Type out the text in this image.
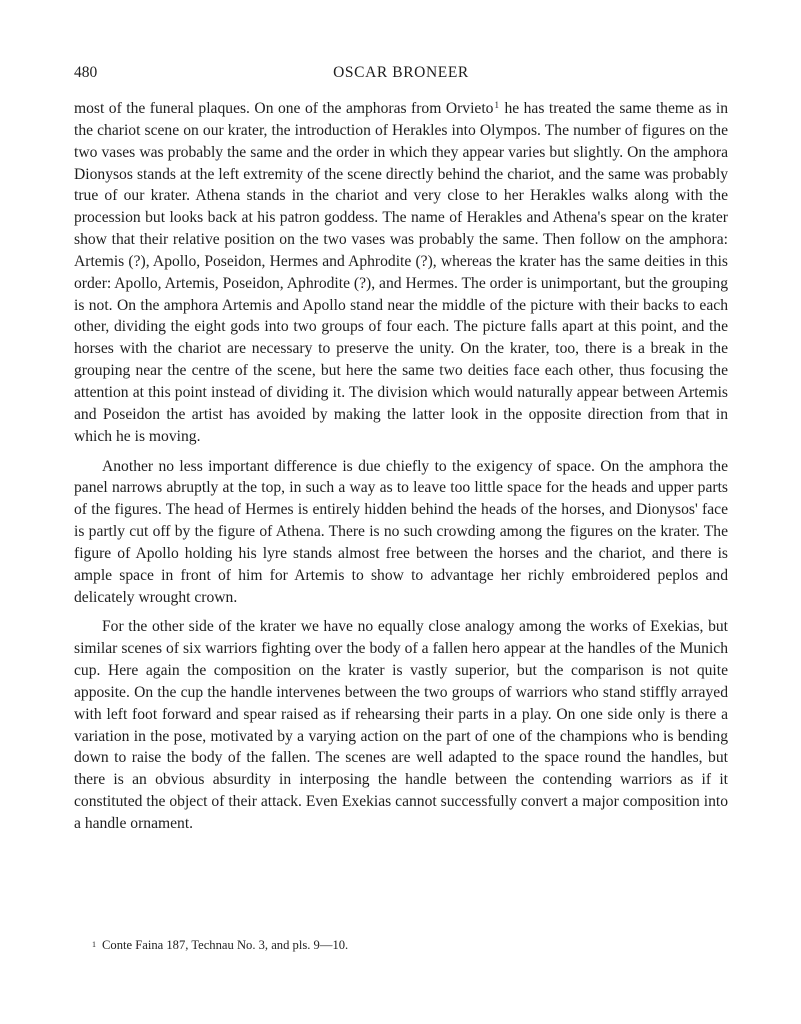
480	OSCAR BRONEER

most of the funeral plaques. On one of the amphoras from Orvieto$^1$ he has treated the same theme as in the chariot scene on our krater, the introduction of Herakles into Olympos. The number of figures on the two vases was probably the same and the order in which they appear varies but slightly. On the amphora Dionysos stands at the left extremity of the scene directly behind the chariot, and the same was probably true of our krater. Athena stands in the chariot and very close to her Herakles walks along with the procession but looks back at his patron goddess. The name of Herakles and Athena's spear on the krater show that their relative position on the two vases was probably the same. Then follow on the amphora: Artemis (?), Apollo, Poseidon, Hermes and Aphrodite (?), whereas the krater has the same deities in this order: Apollo, Artemis, Poseidon, Aphrodite (?), and Hermes. The order is unimportant, but the grouping is not. On the amphora Artemis and Apollo stand near the middle of the picture with their backs to each other, dividing the eight gods into two groups of four each. The picture falls apart at this point, and the horses with the chariot are necessary to preserve the unity. On the krater, too, there is a break in the grouping near the centre of the scene, but here the same two deities face each other, thus focusing the attention at this point instead of dividing it. The division which would naturally appear between Artemis and Poseidon the artist has avoided by making the latter look in the opposite direction from that in which he is moving.

Another no less important difference is due chiefly to the exigency of space. On the amphora the panel narrows abruptly at the top, in such a way as to leave too little space for the heads and upper parts of the figures. The head of Hermes is entirely hidden behind the heads of the horses, and Dionysos' face is partly cut off by the figure of Athena. There is no such crowding among the figures on the krater. The figure of Apollo holding his lyre stands almost free between the horses and the chariot, and there is ample space in front of him for Artemis to show to advantage her richly embroidered peplos and delicately wrought crown.

For the other side of the krater we have no equally close analogy among the works of Exekias, but similar scenes of six warriors fighting over the body of a fallen hero appear at the handles of the Munich cup. Here again the composition on the krater is vastly superior, but the comparison is not quite apposite. On the cup the handle intervenes between the two groups of warriors who stand stiffly arrayed with left foot forward and spear raised as if rehearsing their parts in a play. On one side only is there a variation in the pose, motivated by a varying action on the part of one of the champions who is bending down to raise the body of the fallen. The scenes are well adapted to the space round the handles, but there is an obvious absurdity in interposing the handle between the contending warriors as if it constituted the object of their attack. Even Exekias cannot successfully convert a major composition into a handle ornament.

$^1$ Conte Faina 187, Technau No. 3, and pls. 9—10.
